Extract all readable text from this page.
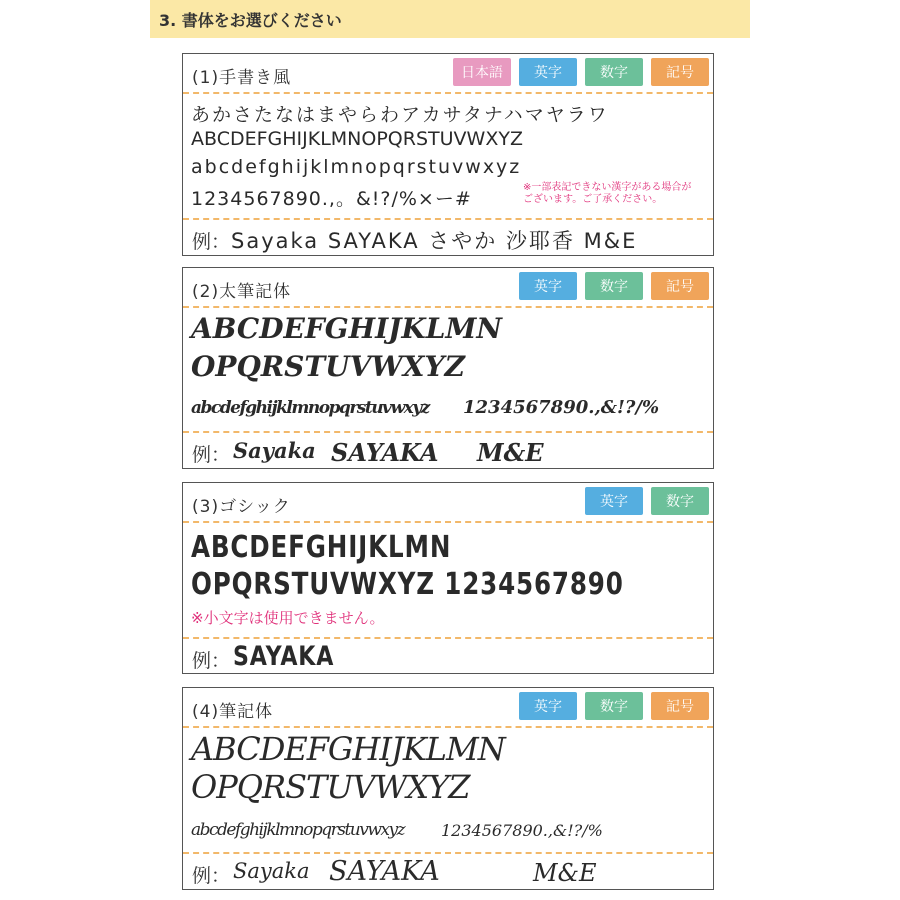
3. 書体をお選びください
(1)手書き風	日本語	英字	数字	記号
あかさたなはまやらわアカサタナハマヤラワ
ABCDEFGHIJKLMNOPQRSTUVWXYZ
abcdefghijklmnopqrstuvwxyz
1234567890.,。&!?/%×ー#
※一部表記できない漢字がある場合が
ございます。ご了承ください。
例： Sayaka SAYAKA さやか 沙耶香 M&E
(2)太筆記体	英字	数字	記号
ABCDEFGHIJKLMN
OPQRSTUVWXYZ
abcdefghijklmnopqrstuvwxyz 1234567890.,&!?/%
例： Sayaka SAYAKA M&E
(3)ゴシック	英字	数字
ABCDEFGHIJKLMN
OPQRSTUVWXYZ 1234567890
※小文字は使用できません。
例： SAYAKA
(4)筆記体	英字	数字	記号
ABCDEFGHIJKLMN
OPQRSTUVWXYZ
abcdefghijklmnopqrstuvwxyz 1234567890.,&!?/%
例： Sayaka SAYAKA	M&E
